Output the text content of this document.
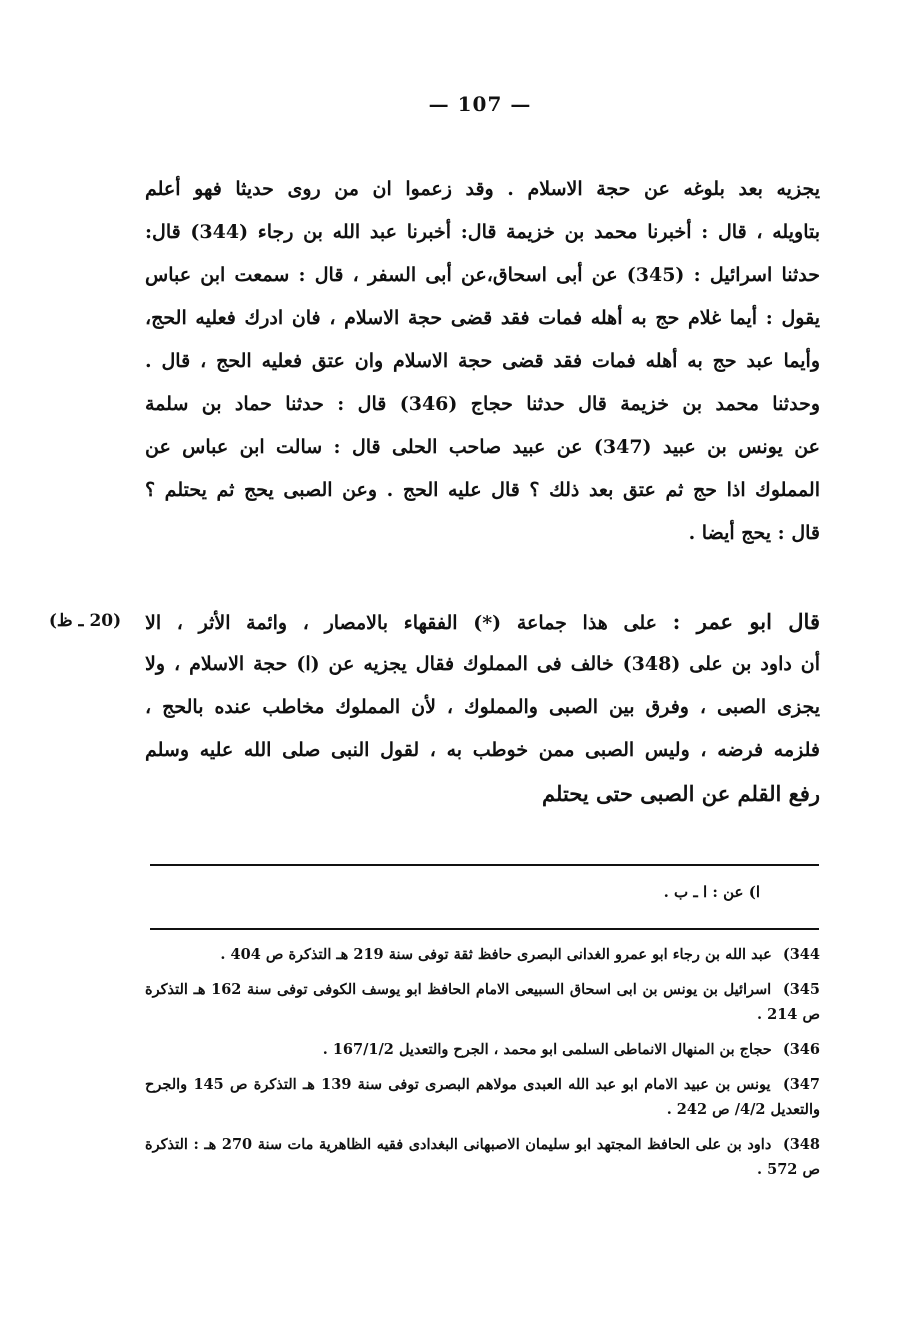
— 107 —
يجزيه بعد بلوغه عن حجة الاسلام . وقد زعموا ان من روى حديثا فهو أعلم
بتاويله ، قال : أخبرنا محمد بن خزيمة قال: أخبرنا عبد الله بن رجاء (344) قال:
حدثنا اسرائيل : (345) عن أبى اسحاق،عن أبى السفر ، قال : سمعت ابن عباس
يقول : أيما غلام حج به أهله فمات فقد قضى حجة الاسلام ، فان ادرك فعليه الحج،
وأيما عبد حج به أهله فمات فقد قضى حجة الاسلام وان عتق فعليه الحج ، قال .
وحدثنا محمد بن خزيمة قال حدثنا حجاج (346) قال : حدثنا حماد بن سلمة
عن يونس بن عبيد (347) عن عبيد صاحب الحلى قال : سالت ابن عباس عن
المملوك اذا حج ثم عتق بعد ذلك ؟ قال عليه الحج . وعن الصبى يحج ثم يحتلم ؟
قال : يحج أيضا .
قال ابو عمر : على هذا جماعة (*) الفقهاء بالامصار ، وائمة الأثر ، الا
أن داود بن على (348) خالف فى المملوك فقال يجزيه عن (ا) حجة الاسلام ، ولا
يجزى الصبى ، وفرق بين الصبى والمملوك ، لأن المملوك مخاطب عنده بالحج ،
فلزمه فرضه ، وليس الصبى ممن خوطب به ، لقول النبى صلى الله عليه وسلم
رفع القلم عن الصبى حتى يحتلم
(20 ـ ظ)
ا) عن : ا ـ ب .
344) عبد الله بن رجاء ابو عمرو الغدانى البصرى حافظ ثقة توفى سنة 219 هـ التذكرة ص 404 .
345) اسرائيل بن يونس بن ابى اسحاق السبيعى الامام الحافظ ابو يوسف الكوفى توفى سنة 162 هـ التذكرة ص 214 .
346) حجاج بن المنهال الانماطى السلمى ابو محمد ، الجرح والتعديل 167/1/2 .
347) يونس بن عبيد الامام ابو عبد الله العبدى مولاهم البصرى توفى سنة 139 هـ التذكرة ص 145 والجرح والتعديل 4/2/ ص 242 .
348) داود بن على الحافظ المجتهد ابو سليمان الاصبهانى البغدادى فقيه الظاهرية مات سنة 270 هـ : التذكرة ص 572 .
